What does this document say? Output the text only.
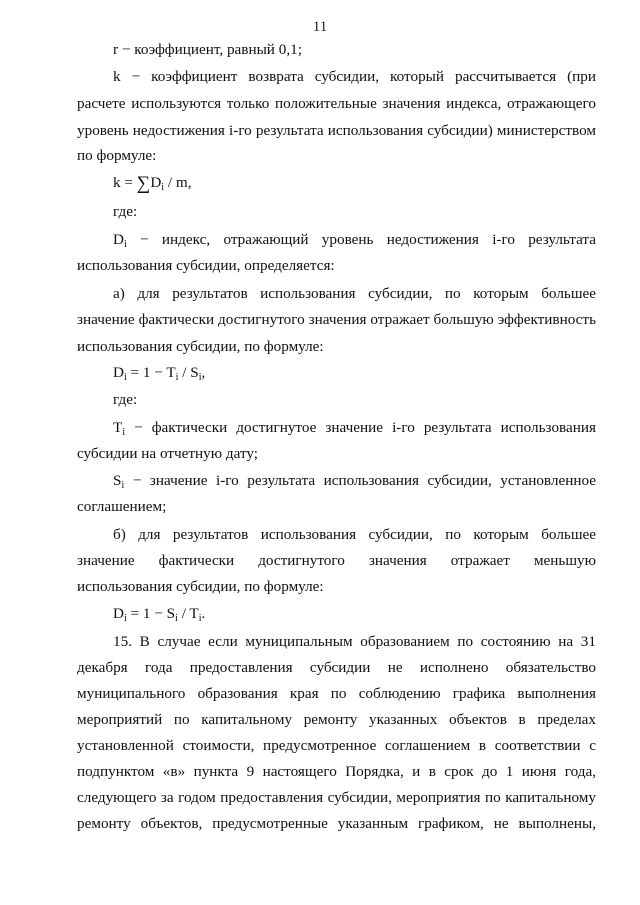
11
r − коэффициент, равный 0,1;
k − коэффициент возврата субсидии, который рассчитывается (при
расчете используются только положительные значения индекса, отражающего
уровень недостижения i-го результата использования субсидии) министерством
по формуле:
$k = \sum D_i / m$,
где:
$D_i$ − индекс, отражающий уровень недостижения i-го результата
использования субсидии, определяется:
а) для результатов использования субсидии, по которым большее
значение фактически достигнутого значения отражает большую эффективность
использования субсидии, по формуле:
$D_i = 1 - T_i / S_i$,
где:
$T_i$ − фактически достигнутое значение i-го результата использования
субсидии на отчетную дату;
$S_i$ − значение i-го результата использования субсидии, установленное
соглашением;
б) для результатов использования субсидии, по которым большее
значение фактически достигнутого значения отражает меньшую
использования субсидии, по формуле:
$D_i = 1 - S_i / T_i$.
15. В случае если муниципальным образованием по состоянию на 31
декабря года предоставления субсидии не исполнено обязательство
муниципального образования края по соблюдению графика выполнения
мероприятий по капитальному ремонту указанных объектов в пределах
установленной стоимости, предусмотренное соглашением в соответствии с
подпунктом «в» пункта 9 настоящего Порядка, и в срок до 1 июня года,
следующего за годом предоставления субсидии, мероприятия по капитальному
ремонту объектов, предусмотренные указанным графиком, не выполнены,
